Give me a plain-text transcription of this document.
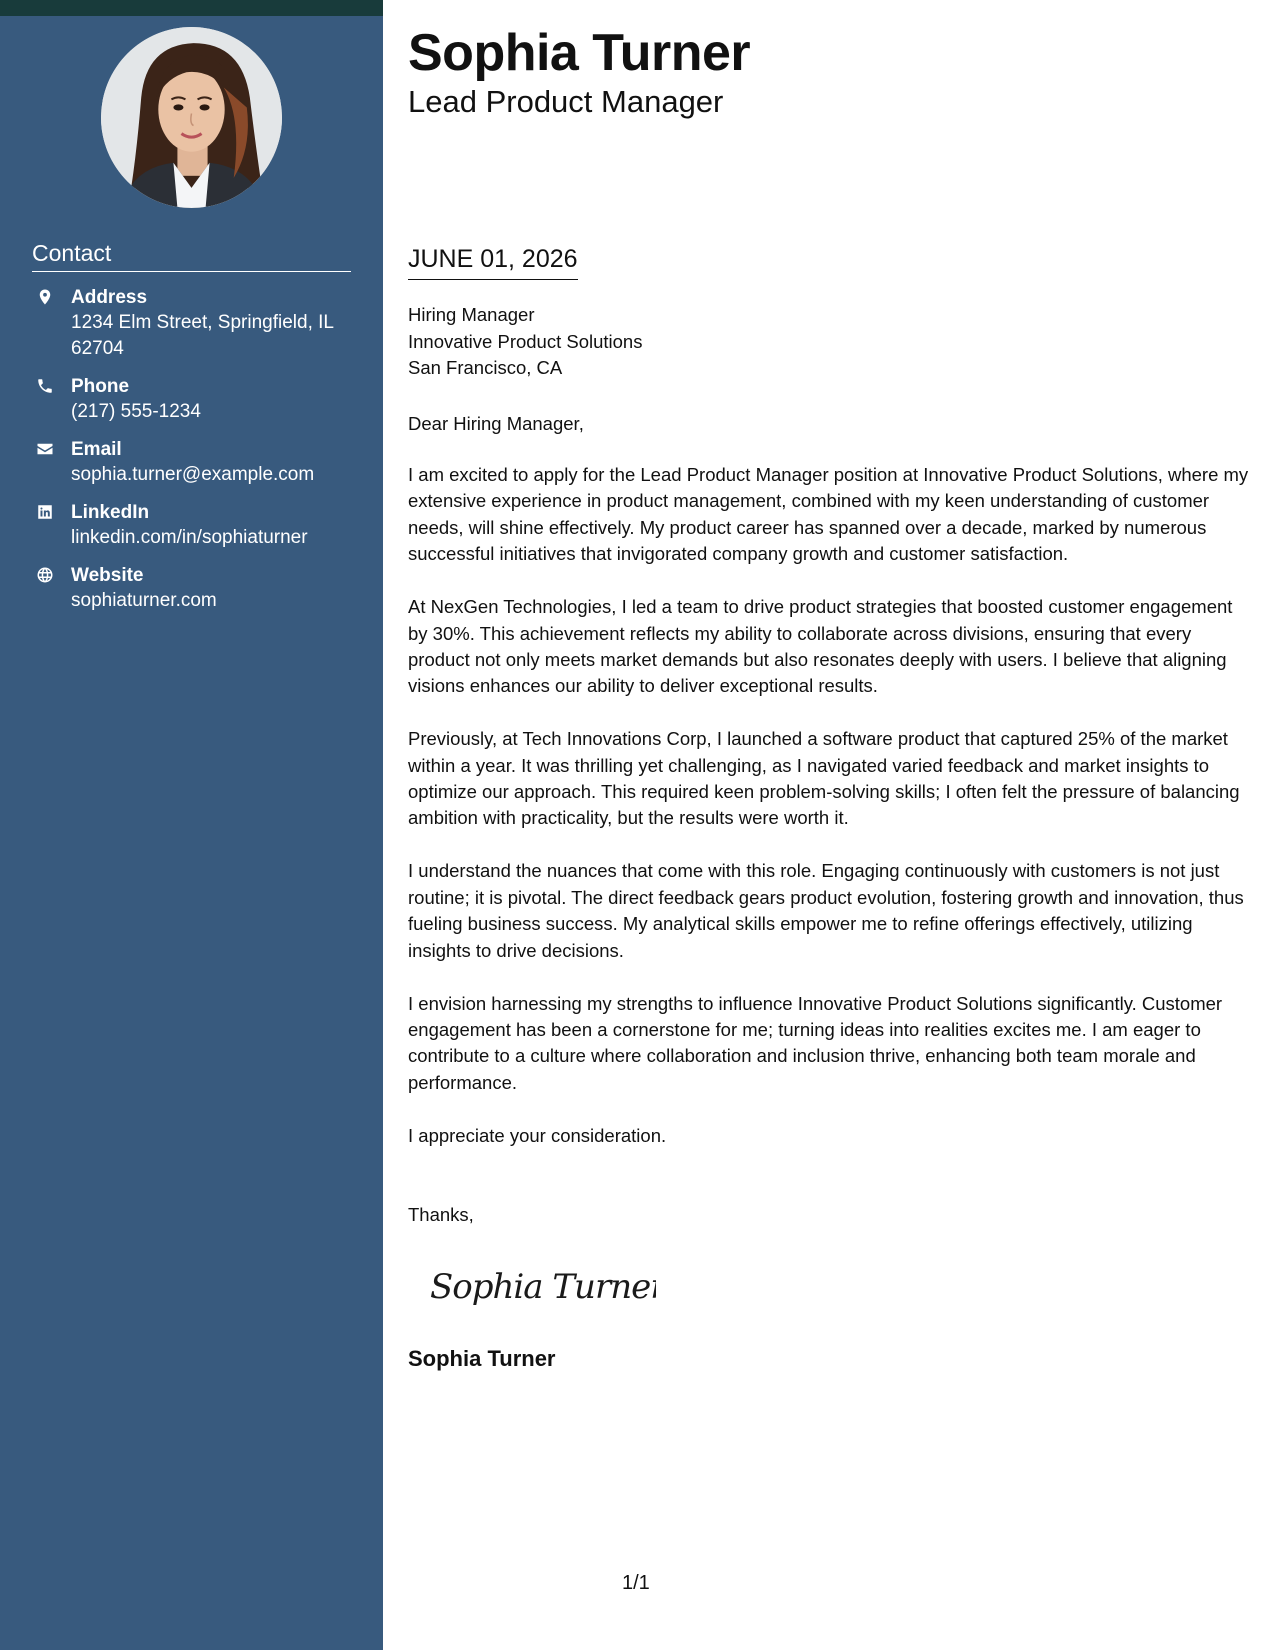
Contact
Address
1234 Elm Street, Springfield, IL 62704
Phone
(217) 555-1234
Email
sophia.turner@example.com
LinkedIn
linkedin.com/in/sophiaturner
Website
sophiaturner.com
Sophia Turner
Lead Product Manager
JUNE 01, 2026
Hiring Manager
Innovative Product Solutions
San Francisco, CA
Dear Hiring Manager,

I am excited to apply for the Lead Product Manager position at Innovative Product Solutions, where my extensive experience in product management, combined with my keen understanding of customer needs, will shine effectively. My product career has spanned over a decade, marked by numerous successful initiatives that invigorated company growth and customer satisfaction.

At NexGen Technologies, I led a team to drive product strategies that boosted customer engagement by 30%. This achievement reflects my ability to collaborate across divisions, ensuring that every product not only meets market demands but also resonates deeply with users. I believe that aligning visions enhances our ability to deliver exceptional results.

Previously, at Tech Innovations Corp, I launched a software product that captured 25% of the market within a year. It was thrilling yet challenging, as I navigated varied feedback and market insights to optimize our approach. This required keen problem-solving skills; I often felt the pressure of balancing ambition with practicality, but the results were worth it.

I understand the nuances that come with this role. Engaging continuously with customers is not just routine; it is pivotal. The direct feedback gears product evolution, fostering growth and innovation, thus fueling business success. My analytical skills empower me to refine offerings effectively, utilizing insights to drive decisions.

I envision harnessing my strengths to influence Innovative Product Solutions significantly. Customer engagement has been a cornerstone for me; turning ideas into realities excites me. I am eager to contribute to a culture where collaboration and inclusion thrive, enhancing both team morale and performance.

I appreciate your consideration.

Thanks,
Sophia Turner
Sophia Turner
1/1
